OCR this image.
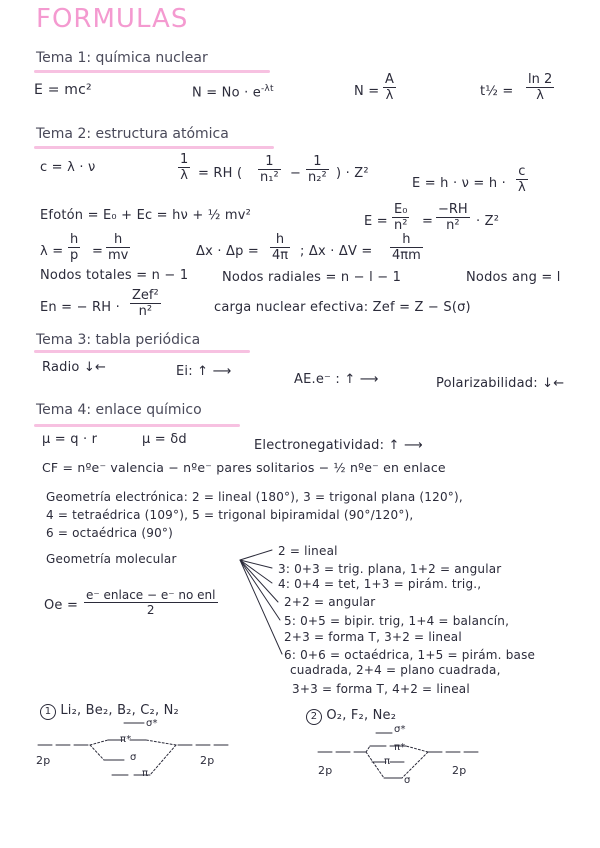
FORMULAS
Tema 1: química nuclear
E = mc²	$N = No \cdot e^{-\lambda t}$	$N = \frac{A}{\lambda}$	t½ = $\frac{\ln 2}{\lambda}$
Tema 2: estructura atómica
c = λ · ν	$\frac{1}{\lambda}$ = RH ( $\frac{1}{\text{n₁²}} - \frac{1}{\text{n₂²}}$ ) · Z²
$E = h \cdot \nu = h \cdot \frac{c}{\lambda}$
Efotón = E₀ + Ec = hν + ½ mv²	$E = \frac{\text{E₀}}{\text{n²}} = \frac{-RH}{\text{n²}} \cdot Z^2$
$\lambda = \frac{h}{p} = \frac{h}{mv}$	$\Delta x \cdot \Delta p = \frac{h}{4\pi}$ ; $\Delta x \cdot \Delta V = \frac{h}{4\pi m}$
Nodos totales = n − 1	Nodos radiales = n − l − 1	Nodos ang = l
En = − RH ·
Zef²
n²	carga nuclear efectiva: Zef = Z − S(σ)
Tema 3: tabla periódica
Radio ↓←	Ei: ↑ ⟶
AE.e⁻ : ↑ ⟶	Polarizabilidad: ↓←
Tema 4: enlace químico
μ = q · r	μ = δd	Electronegatividad: ↑ ⟶
CF = nºe⁻ valencia − nºe⁻ pares solitarios − ½ nºe⁻ en enlace
Geometría electrónica: 2 = lineal (180°), 3 = trigonal plana (120°),
4 = tetraédrica (109°), 5 = trigonal bipiramidal (90°/120°),
6 = octaédrica (90°)
Geometría molecular
Oe =
e⁻ enlace − e⁻ no enl
2
2 = lineal
3: 0+3 = trig. plana, 1+2 = angular
4: 0+4 = tet, 1+3 = pirám. trig.,
2+2 = angular
5: 0+5 = bipir. trig, 1+4 = balancín,
2+3 = forma T, 3+2 = lineal
6: 0+6 = octaédrica, 1+5 = pirám. base
cuadrada, 2+4 = plano cuadrada,
3+3 = forma T, 4+2 = lineal
1 Li₂, Be₂, B₂, C₂, N₂	2 O₂, F₂, Ne₂
σ*
π*
σ
π
2p	2p
σ*
π*
π
σ
2p	2p
